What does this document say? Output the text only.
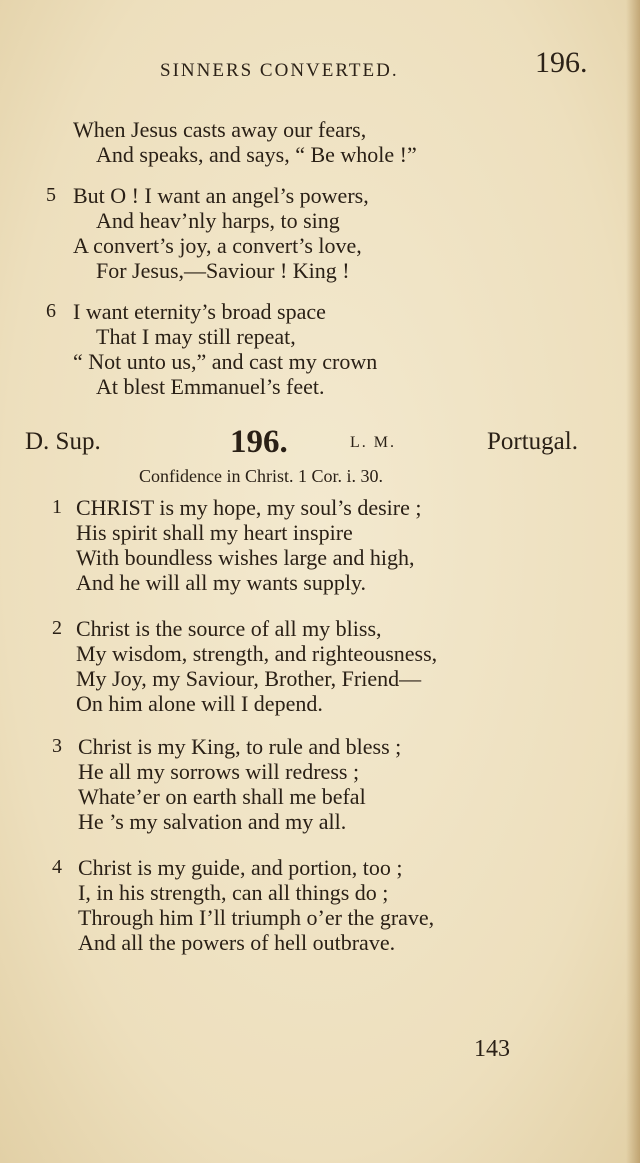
SINNERS CONVERTED.	196.
When Jesus casts away our fears,
And speaks, and says, “ Be whole !”
5 But O ! I want an angel’s powers,
And heav’nly harps, to sing
A convert’s joy, a convert’s love,
For Jesus,—Saviour ! King !
6 I want eternity’s broad space
That I may still repeat,
“ Not unto us,” and cast my crown
At blest Emmanuel’s feet.
D. Sup.	196.	L. M.	Portugal.
Confidence in Christ. 1 Cor. i. 30.
1 CHRIST is my hope, my soul’s desire ;
His spirit shall my heart inspire
With boundless wishes large and high,
And he will all my wants supply.
2 Christ is the source of all my bliss,
My wisdom, strength, and righteousness,
My Joy, my Saviour, Brother, Friend—
On him alone will I depend.
3 Christ is my King, to rule and bless ;
He all my sorrows will redress ;
Whate’er on earth shall me befal
He ’s my salvation and my all.
4 Christ is my guide, and portion, too ;
I, in his strength, can all things do ;
Through him I’ll triumph o’er the grave,
And all the powers of hell outbrave.
143
